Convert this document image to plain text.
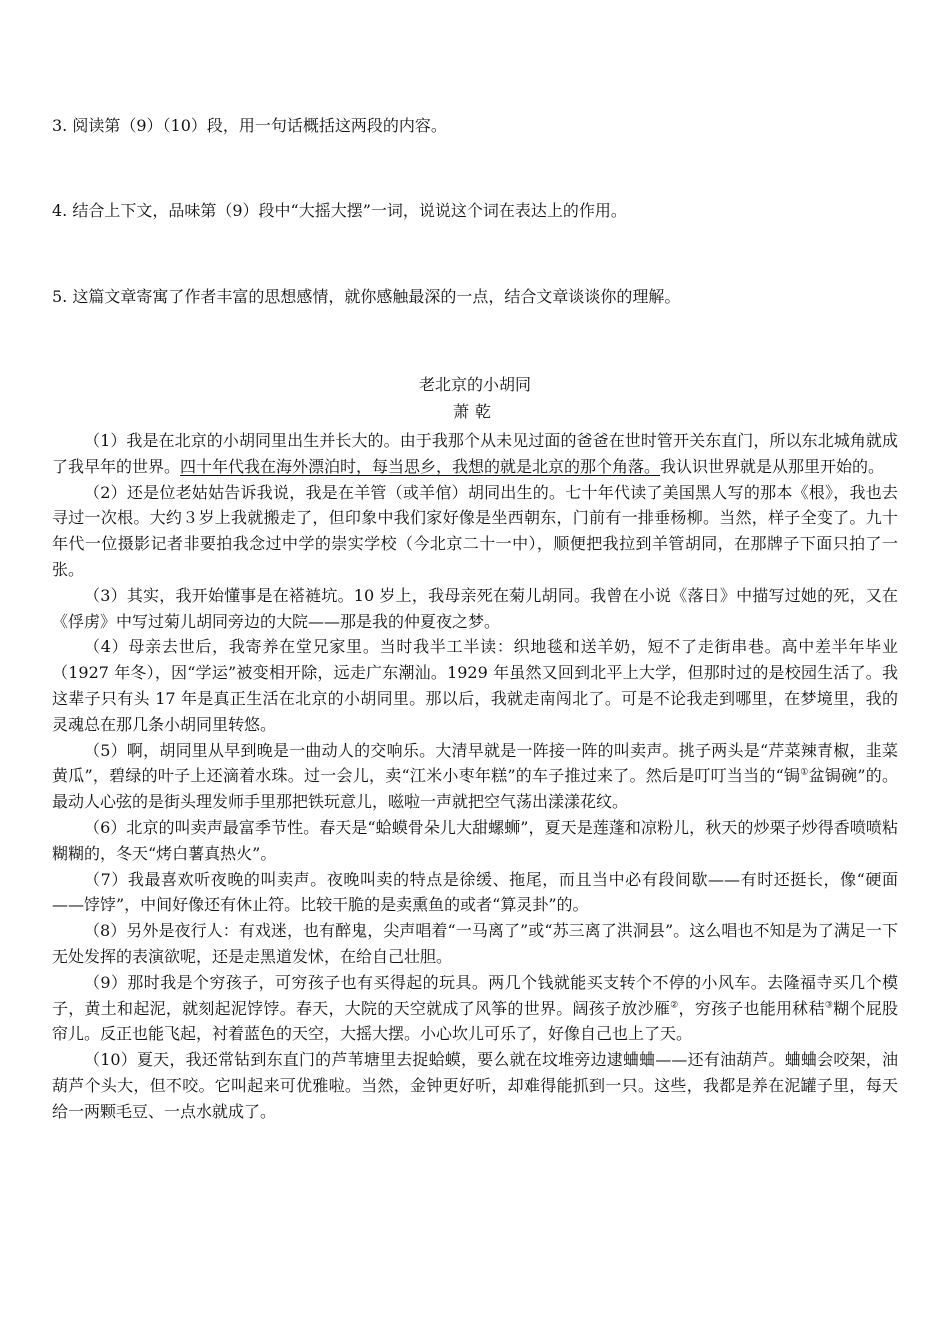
3. 阅读第（9）（10）段，用一句话概括这两段的内容。
4. 结合上下文，品味第（9）段中“大摇大摆”一词，说说这个词在表达上的作用。
5. 这篇文章寄寓了作者丰富的思想感情，就你感触最深的一点，结合文章谈谈你的理解。
老北京的小胡同
萧乾

（1）我是在北京的小胡同里出生并长大的。由于我那个从未见过面的爸爸在世时管开关东直门，所以东北城角就成了我早年的世界。四十年代我在海外漂泊时，每当思乡，我想的就是北京的那个角落。我认识世界就是从那里开始的。

（2）还是位老姑姑告诉我说，我是在羊管（或羊倌）胡同出生的。七十年代读了美国黑人写的那本《根》，我也去寻过一次根。大约３岁上我就搬走了，但印象中我们家好像是坐西朝东，门前有一排垂杨柳。当然，样子全变了。九十年代一位摄影记者非要拍我念过中学的崇实学校（今北京二十一中），顺便把我拉到羊管胡同，在那牌子下面只拍了一张。

（3）其实，我开始懂事是在褡裢坑。10 岁上，我母亲死在菊儿胡同。我曾在小说《落日》中描写过她的死，又在《俘虏》中写过菊儿胡同旁边的大院——那是我的仲夏夜之梦。

（4）母亲去世后，我寄养在堂兄家里。当时我半工半读：织地毯和送羊奶，短不了走街串巷。高中差半年毕业（1927 年冬），因“学运”被变相开除，远走广东潮汕。1929 年虽然又回到北平上大学，但那时过的是校园生活了。我这辈子只有头 17 年是真正生活在北京的小胡同里。那以后，我就走南闯北了。可是不论我走到哪里，在梦境里，我的灵魂总在那几条小胡同里转悠。

（5）啊，胡同里从早到晚是一曲动人的交响乐。大清早就是一阵接一阵的叫卖声。挑子两头是“芹菜辣青椒，韭菜黄瓜”，碧绿的叶子上还滴着水珠。过一会儿，卖“江米小枣年糕”的车子推过来了。然后是叮叮当当的“锔①盆锔碗”的。最动人心弦的是街头理发师手里那把铁玩意儿，嗞啦一声就把空气荡出漾漾花纹。

（6）北京的叫卖声最富季节性。春天是“蛤蟆骨朵儿大甜螺蛳”，夏天是莲蓬和凉粉儿，秋天的炒栗子炒得香喷喷粘糊糊的，冬天“烤白薯真热火”。

（7）我最喜欢听夜晚的叫卖声。夜晚叫卖的特点是徐缓、拖尾，而且当中必有段间歇——有时还挺长，像“硬面——饽饽”，中间好像还有休止符。比较干脆的是卖熏鱼的或者“算灵卦”的。

（8）另外是夜行人：有戏迷，也有醉鬼，尖声唱着“一马离了”或“苏三离了洪洞县”。这么唱也不知是为了满足一下无处发挥的表演欲呢，还是走黑道发怵，在给自己壮胆。

（9）那时我是个穷孩子，可穷孩子也有买得起的玩具。两几个钱就能买支转个不停的小风车。去隆福寺买几个模子，黄土和起泥，就刻起泥饽饽。春天，大院的天空就成了风筝的世界。阔孩子放沙雁②，穷孩子也能用秫秸③糊个屁股帘儿。反正也能飞起，衬着蓝色的天空，大摇大摆。小心坎儿可乐了，好像自己也上了天。

（10）夏天，我还常钻到东直门的芦苇塘里去捉蛤蟆，要么就在坟堆旁边逮蛐蛐——还有油葫芦。蛐蛐会咬架，油葫芦个头大，但不咬。它叫起来可优雅啦。当然，金钟更好听，却难得能抓到一只。这些，我都是养在泥罐子里，每天给一两颗毛豆、一点水就成了。
